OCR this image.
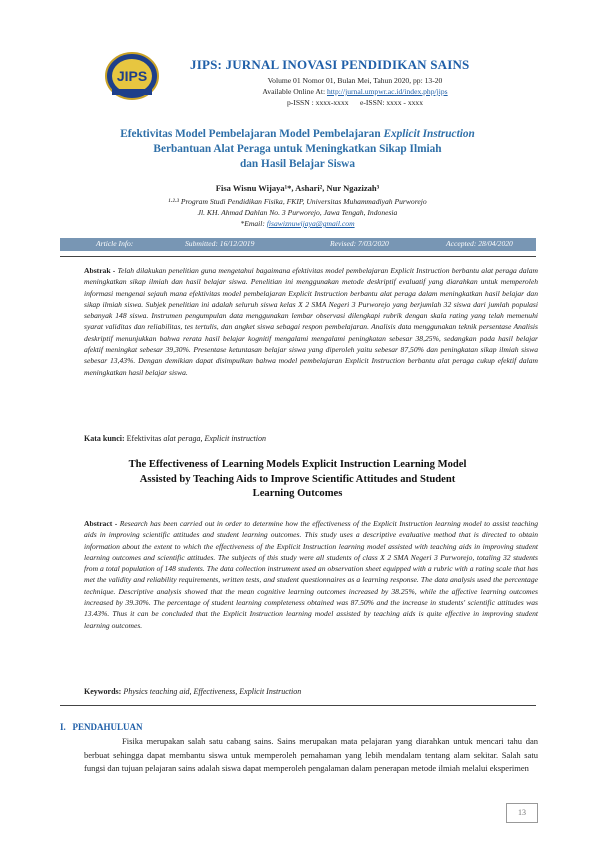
JIPS
JIPS: JURNAL INOVASI PENDIDIKAN SAINS
Volume 01 Nomor 01, Bulan Mei, Tahun 2020, pp: 13-20
Available Online At: http://jurnal.umpwr.ac.id/index.php/jips
p-ISSN : xxxx-xxxx      e-ISSN: xxxx - xxxx
Efektivitas Model Pembelajaran Model Pembelajaran Explicit Instruction
Berbantuan Alat Peraga untuk Meningkatkan Sikap Ilmiah
dan Hasil Belajar Siswa
Fisa Wisnu Wijaya¹*, Ashari², Nur Ngazizah³
¹·²·³ Program Studi Pendidikan Fisika, FKIP, Universitas Muhammadiyah Purworejo
Jl. KH. Ahmad Dahlan No. 3 Purworejo, Jawa Tengah, Indonesia
*Email: fisawiznuwijaya@gmail.com
Article Info:	Submitted: 16/12/2019	Revised: 7/03/2020	Accepted: 28/04/2020
Abstrak - Telah dilakukan penelitian guna mengetahui bagaimana efektivitas model pembelajaran Explicit Instruction berbantu alat peraga dalam meningkatkan sikap ilmiah dan hasil belajar siswa. Penelitian ini menggunakan metode deskriptif evaluatif yang diarahkan untuk memperoleh informasi mengenai sejauh mana efektivitas model pembelajaran Explicit Instruction berbantu alat peraga dalam meningkatkan hasil belajar dan sikap ilmiah siswa. Subjek penelitian ini adalah seluruh siswa kelas X 2 SMA Negeri 3 Purworejo yang berjumlah 32 siswa dari jumlah populasi sebanyak 148 siswa. Instrumen pengumpulan data menggunakan lembar observasi dilengkapi rubrik dengan skala rating yang telah memenuhi syarat validitas dan reliabilitas, tes tertulis, dan angket siswa sebagai respon pembelajaran. Analisis data menggunakan teknik persentase Analisis deskriptif menunjukkan bahwa rerata hasil belajar kognitif mengalami mengalami peningkatan sebesar 38,25%, sedangkan pada hasil belajar afektif meningkat sebesar 39,30%. Presentase ketuntasan belajar siswa yang diperoleh yaitu sebesar 87,50% dan peningkatan sikap ilmiah siswa sebesar 13,43%. Dengan demikian dapat disimpulkan bahwa model pembelajaran Explicit Instruction berbantu alat peraga cukup efektif dalam meningkatkan hasil belajar siswa.
Kata kunci: Efektivitas alat peraga, Explicit instruction
The Effectiveness of Learning Models Explicit Instruction Learning Model
Assisted by Teaching Aids to Improve Scientific Attitudes and Student
Learning Outcomes
Abstract - Research has been carried out in order to determine how the effectiveness of the Explicit Instruction learning model to assist teaching aids in improving scientific attitudes and student learning outcomes. This study uses a descriptive evaluative method that is directed to obtain information about the extent to which the effectiveness of the Explicit Instruction learning model assisted with teaching aids in improving student learning outcomes and scientific attitudes. The subjects of this study were all students of class X 2 SMA Negeri 3 Purworejo, totaling 32 students from a total population of 148 students. The data collection instrument used an observation sheet equipped with a rubric with a rating scale that has met the validity and reliability requirements, written tests, and student questionnaires as a learning response. The data analysis used the percentage technique. Descriptive analysis showed that the mean cognitive learning outcomes increased by 38.25%, while the affective learning outcomes increased by 39.30%. The percentage of student learning completeness obtained was 87.50% and the increase in students' scientific attitudes was 13.43%. Thus it can be concluded that the Explicit Instruction learning model assisted by teaching aids is quite effective in improving student learning outcomes.
Keywords: Physics teaching aid, Effectiveness, Explicit Instruction
I. PENDAHULUAN
Fisika merupakan salah satu cabang sains. Sains merupakan mata pelajaran yang diarahkan untuk mencari tahu dan berbuat sehingga dapat membantu siswa untuk memperoleh pemahaman yang lebih mendalam tentang alam sekitar. Salah satu fungsi dan tujuan pelajaran sains adalah siswa dapat memperoleh pengalaman dalam penerapan metode ilmiah melalui eksperimen
13
